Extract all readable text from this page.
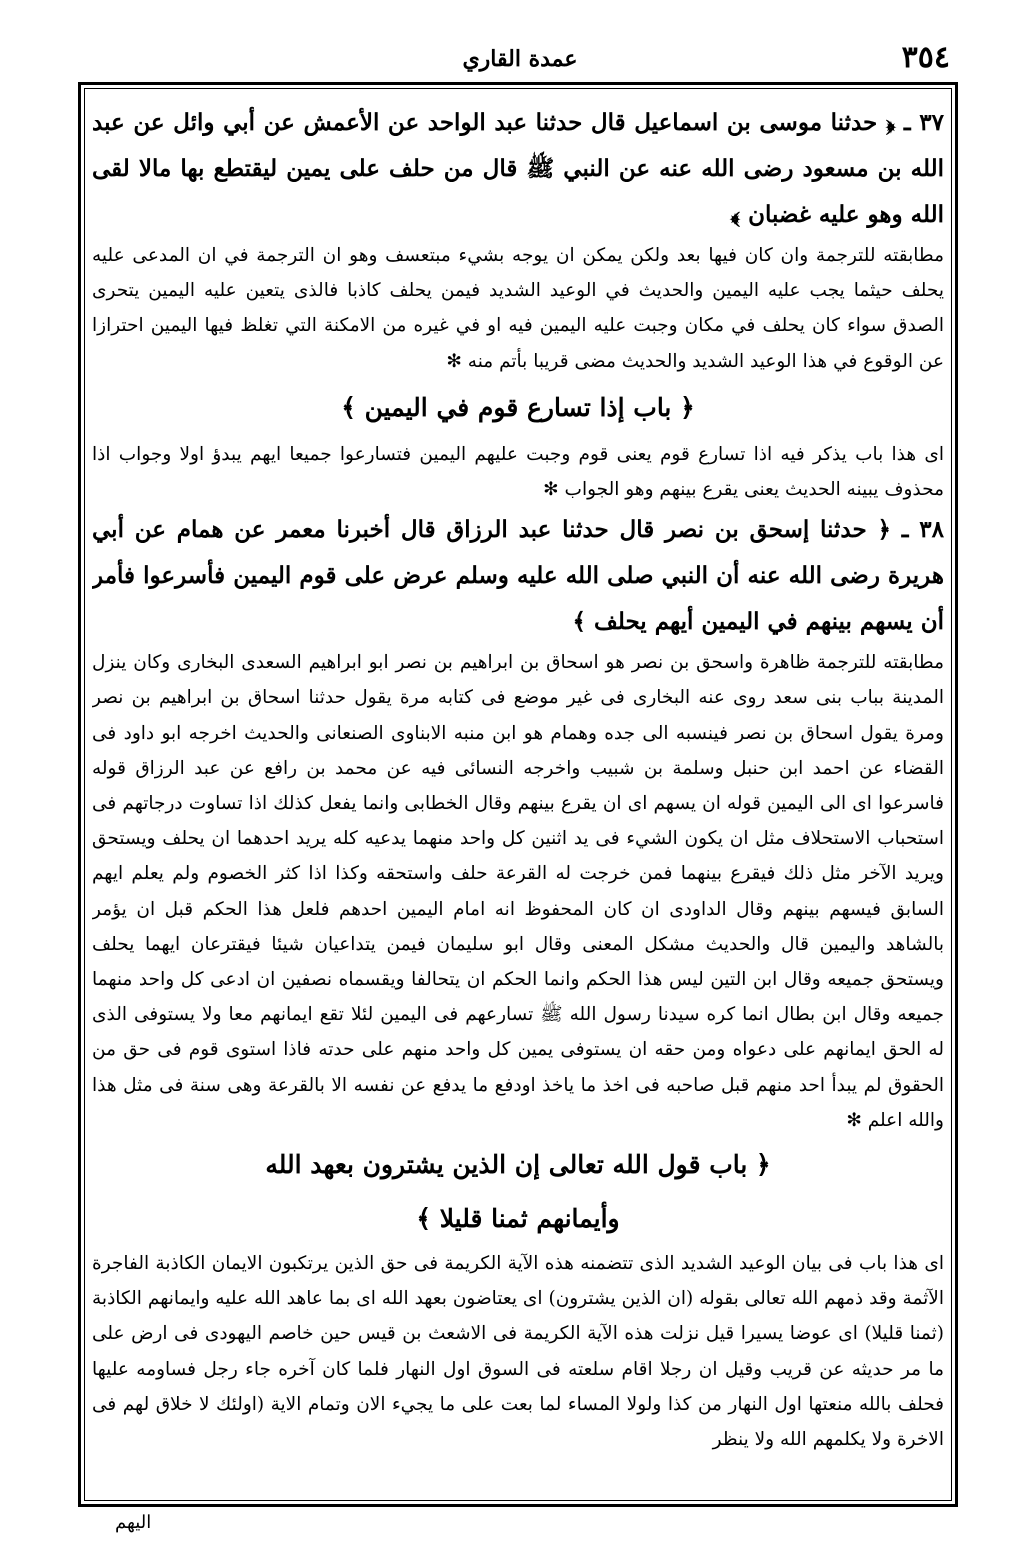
٣٥٤
عمدة القاري

٣٧ ـ ﴿ حدثنا موسى بن اسماعيل قال حدثنا عبد الواحد عن الأعمش عن أبي وائل عن عبد الله بن مسعود رضى الله عنه عن النبي ﷺ قال من حلف على يمين ليقتطع بها مالا لقى الله وهو عليه غضبان ﴾

مطابقته للترجمة وان كان فيها بعد ولكن يمكن ان يوجه بشيء مبتعسف وهو ان الترجمة في ان المدعى عليه يحلف حيثما يجب عليه اليمين والحديث في الوعيد الشديد فيمن يحلف كاذبا فالذى يتعين عليه اليمين يتحرى الصدق سواء كان يحلف في مكان وجبت عليه اليمين فيه او في غيره من الامكنة التي تغلظ فيها اليمين احترازا عن الوقوع في هذا الوعيد الشديد والحديث مضى قريبا بأتم منه ✻

﴿ باب إذا تسارع قوم في اليمين ﴾

اى هذا باب يذكر فيه اذا تسارع قوم يعنى قوم وجبت عليهم اليمين فتسارعوا جميعا ايهم يبدؤ اولا وجواب اذا محذوف يبينه الحديث يعنى يقرع بينهم وهو الجواب ✻

٣٨ ـ ﴿ حدثنا إسحق بن نصر قال حدثنا عبد الرزاق قال أخبرنا معمر عن همام عن أبي هريرة رضى الله عنه أن النبي صلى الله عليه وسلم عرض على قوم اليمين فأسرعوا فأمر أن يسهم بينهم في اليمين أيهم يحلف ﴾

مطابقته للترجمة ظاهرة واسحق بن نصر هو اسحاق بن ابراهيم بن نصر ابو ابراهيم السعدى البخارى وكان ينزل المدينة بباب بنى سعد روى عنه البخارى فى غير موضع فى كتابه مرة يقول حدثنا اسحاق بن ابراهيم بن نصر ومرة يقول اسحاق بن نصر فينسبه الى جده وهمام هو ابن منبه الابناوى الصنعانى والحديث اخرجه ابو داود فى القضاء عن احمد ابن حنبل وسلمة بن شبيب واخرجه النسائى فيه عن محمد بن رافع عن عبد الرزاق قوله فاسرعوا اى الى اليمين قوله ان يسهم اى ان يقرع بينهم وقال الخطابى وانما يفعل كذلك اذا تساوت درجاتهم فى استحباب الاستحلاف مثل ان يكون الشيء فى يد اثنين كل واحد منهما يدعيه كله يريد احدهما ان يحلف ويستحق ويريد الآخر مثل ذلك فيقرع بينهما فمن خرجت له القرعة حلف واستحقه وكذا اذا كثر الخصوم ولم يعلم ايهم السابق فيسهم بينهم وقال الداودى ان كان المحفوظ انه امام اليمين احدهم فلعل هذا الحكم قبل ان يؤمر بالشاهد واليمين قال والحديث مشكل المعنى وقال ابو سليمان فيمن يتداعيان شيئا فيقترعان ايهما يحلف ويستحق جميعه وقال ابن التين ليس هذا الحكم وانما الحكم ان يتحالفا ويقسماه نصفين ان ادعى كل واحد منهما جميعه وقال ابن بطال انما كره سيدنا رسول الله ﷺ تسارعهم فى اليمين لئلا تقع ايمانهم معا ولا يستوفى الذى له الحق ايمانهم على دعواه ومن حقه ان يستوفى يمين كل واحد منهم على حدته فاذا استوى قوم فى حق من الحقوق لم يبدأ احد منهم قبل صاحبه فى اخذ ما ياخذ اودفع ما يدفع عن نفسه الا بالقرعة وهى سنة فى مثل هذا والله اعلم ✻

﴿ باب قول الله تعالى إن الذين يشترون بعهد الله

وأيمانهم ثمنا قليلا ﴾

اى هذا باب فى بيان الوعيد الشديد الذى تتضمنه هذه الآية الكريمة فى حق الذين يرتكبون الايمان الكاذبة الفاجرة الآثمة وقد ذمهم الله تعالى بقوله (ان الذين يشترون) اى يعتاضون بعهد الله اى بما عاهد الله عليه وايمانهم الكاذبة (ثمنا قليلا) اى عوضا يسيرا قيل نزلت هذه الآية الكريمة فى الاشعث بن قيس حين خاصم اليهودى فى ارض على ما مر حديثه عن قريب وقيل ان رجلا اقام سلعته فى السوق اول النهار فلما كان آخره جاء رجل فساومه عليها فحلف بالله منعتها اول النهار من كذا ولولا المساء لما بعت على ما يجيء الان وتمام الاية (اولئك لا خلاق لهم فى الاخرة ولا يكلمهم الله ولا ينظر

اليهم
